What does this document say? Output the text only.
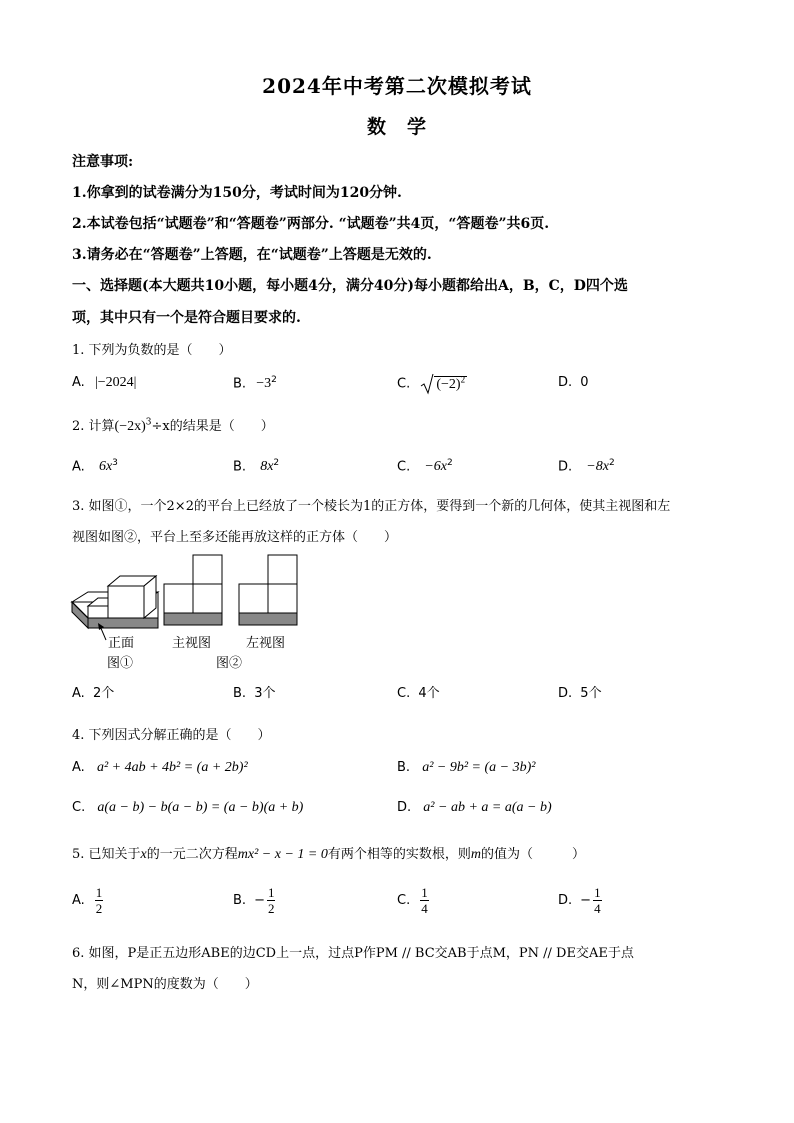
2024年中考第二次模拟考试
数　学
注意事项:
1.你拿到的试卷满分为150分，考试时间为120分钟.
2.本试卷包括“试题卷”和“答题卷”两部分. “试题卷”共4页，“答题卷”共6页.
3.请务必在“答题卷”上答题，在“试题卷”上答题是无效的.
一、选择题(本大题共10小题，每小题4分，满分40分)每小题都给出A，B，C，D四个选
项，其中只有一个是符合题目要求的.
1. 下列为负数的是（　　）
A. |−2024|	B. $-3^2$	C. $(-2)^2$	D. 0
2. 计算$(-2x)^3\div x$的结果是（　　）
A. $6x^3$	B. $8x^2$	C. $-6x^2$	D. $-8x^2$
3. 如图①，一个2×2的平台上已经放了一个棱长为1的正方体，要得到一个新的几何体，使其主视图和左
视图如图②，平台上至多还能再放这样的正方体（　　）
正面
图①
主视图	左视图
图②
A. 2个	B. 3个	C. 4个	D. 5个
4. 下列因式分解正确的是（　　）
A. a² + 4ab + 4b² = (a + 2b)²	B. a² − 9b² = (a − 3b)²
C. a(a − b) − b(a − b) = (a − b)(a + b)	D. a² − ab + a = a(a − b)
5. 已知关于x的一元二次方程mx² − x − 1 = 0有两个相等的实数根，则m的值为（　　　）
A. $\frac{1}{2}$	B. − $\frac{1}{2}$	C. $\frac{1}{4}$	D. − $\frac{1}{4}$
6. 如图，P是正五边形ABE的边CD上一点，过点P作PM // BC交AB于点M，PN // DE交AE于点
N，则∠MPN的度数为（　　）
